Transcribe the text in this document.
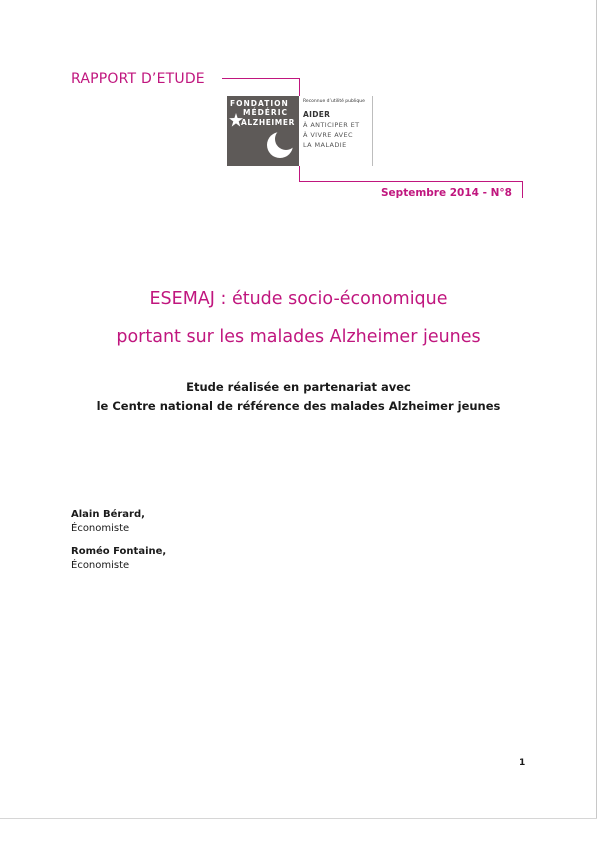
RAPPORT D’ETUDE
FONDATION
MÉDÉRIC
ALZHEIMER
Reconnue d’utilité publique
AIDER
À ANTICIPER ET
À VIVRE AVEC
LA MALADIE
Septembre 2014 - N°8
ESEMAJ : étude socio-économique
portant sur les malades Alzheimer jeunes
Etude réalisée en partenariat avec
le Centre national de référence des malades Alzheimer jeunes
Alain Bérard,
Économiste
Roméo Fontaine,
Économiste
1
